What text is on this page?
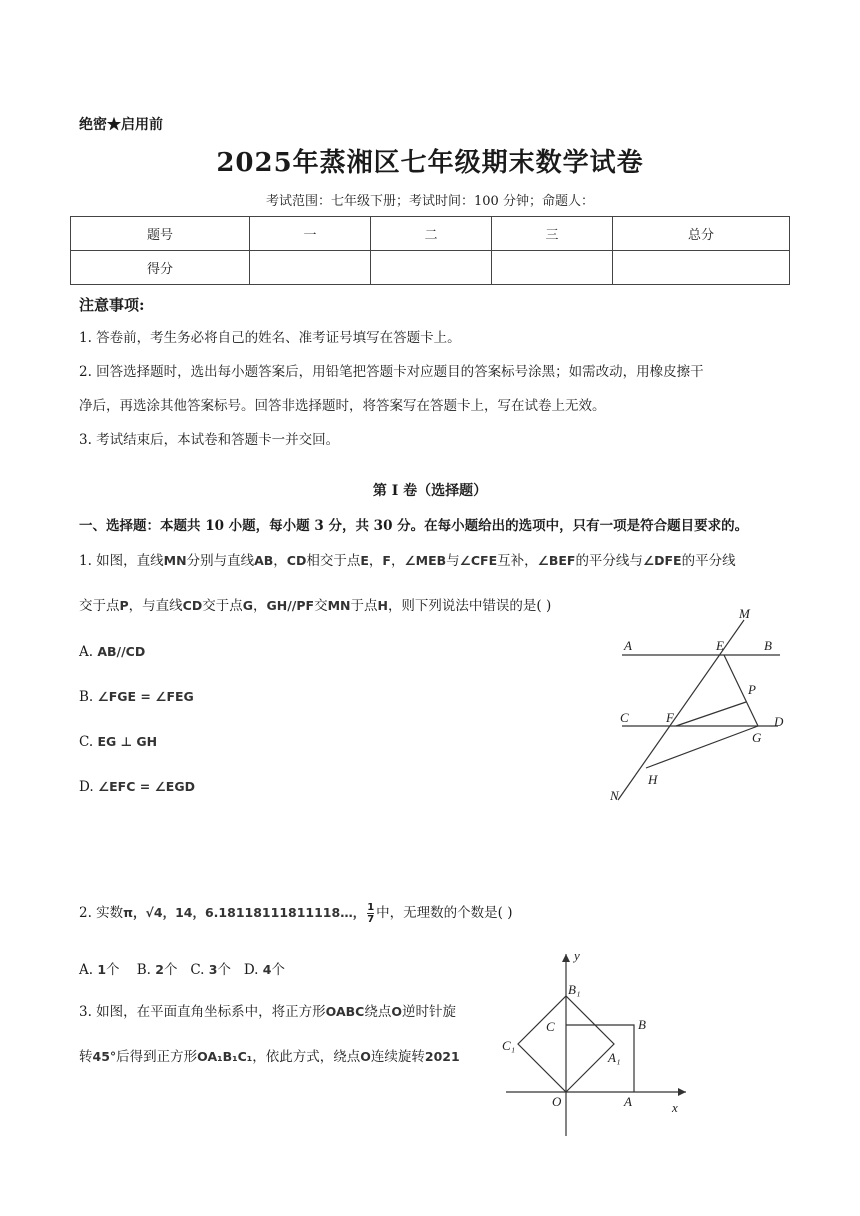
绝密★启用前
2025年蒸湘区七年级期末数学试卷
考试范围：七年级下册；考试时间：100 分钟；命题人：
题号	一	二	三	总分
得分				
注意事项:
1. 答卷前，考生务必将自己的姓名、准考证号填写在答题卡上。
2. 回答选择题时，选出每小题答案后，用铅笔把答题卡对应题目的答案标号涂黑；如需改动，用橡皮擦干
净后，再选涂其他答案标号。回答非选择题时，将答案写在答题卡上，写在试卷上无效。
3. 考试结束后，本试卷和答题卡一并交回。
第 I 卷（选择题）
一、选择题：本题共 10 小题，每小题 3 分，共 30 分。在每小题给出的选项中，只有一项是符合题目要求的。
1. 如图，直线MN分别与直线AB，CD相交于点E，F，∠MEB与∠CFE互补，∠BEF的平分线与∠DFE的平分线
交于点P，与直线CD交于点G，GH//PF交MN于点H，则下列说法中错误的是( )
A. AB//CD
B. ∠FGE = ∠FEG
C. EG ⊥ GH
D. ∠EFC = ∠EGD
M
A	E	B
P
C	F	D
G
H
N
2. 实数π，√4，14，6.18118111811118…， $\frac{1}{7}$ 中，无理数的个数是( )
A. 1个 B. 2个 C. 3个 D. 4个
3. 如图，在平面直角坐标系中，将正方形OABC绕点O逆时针旋
转45°后得到正方形OA₁B₁C₁，依此方式，绕点O连续旋转2021
y
B₁
C	B
C₁
A₁
O	A	x
